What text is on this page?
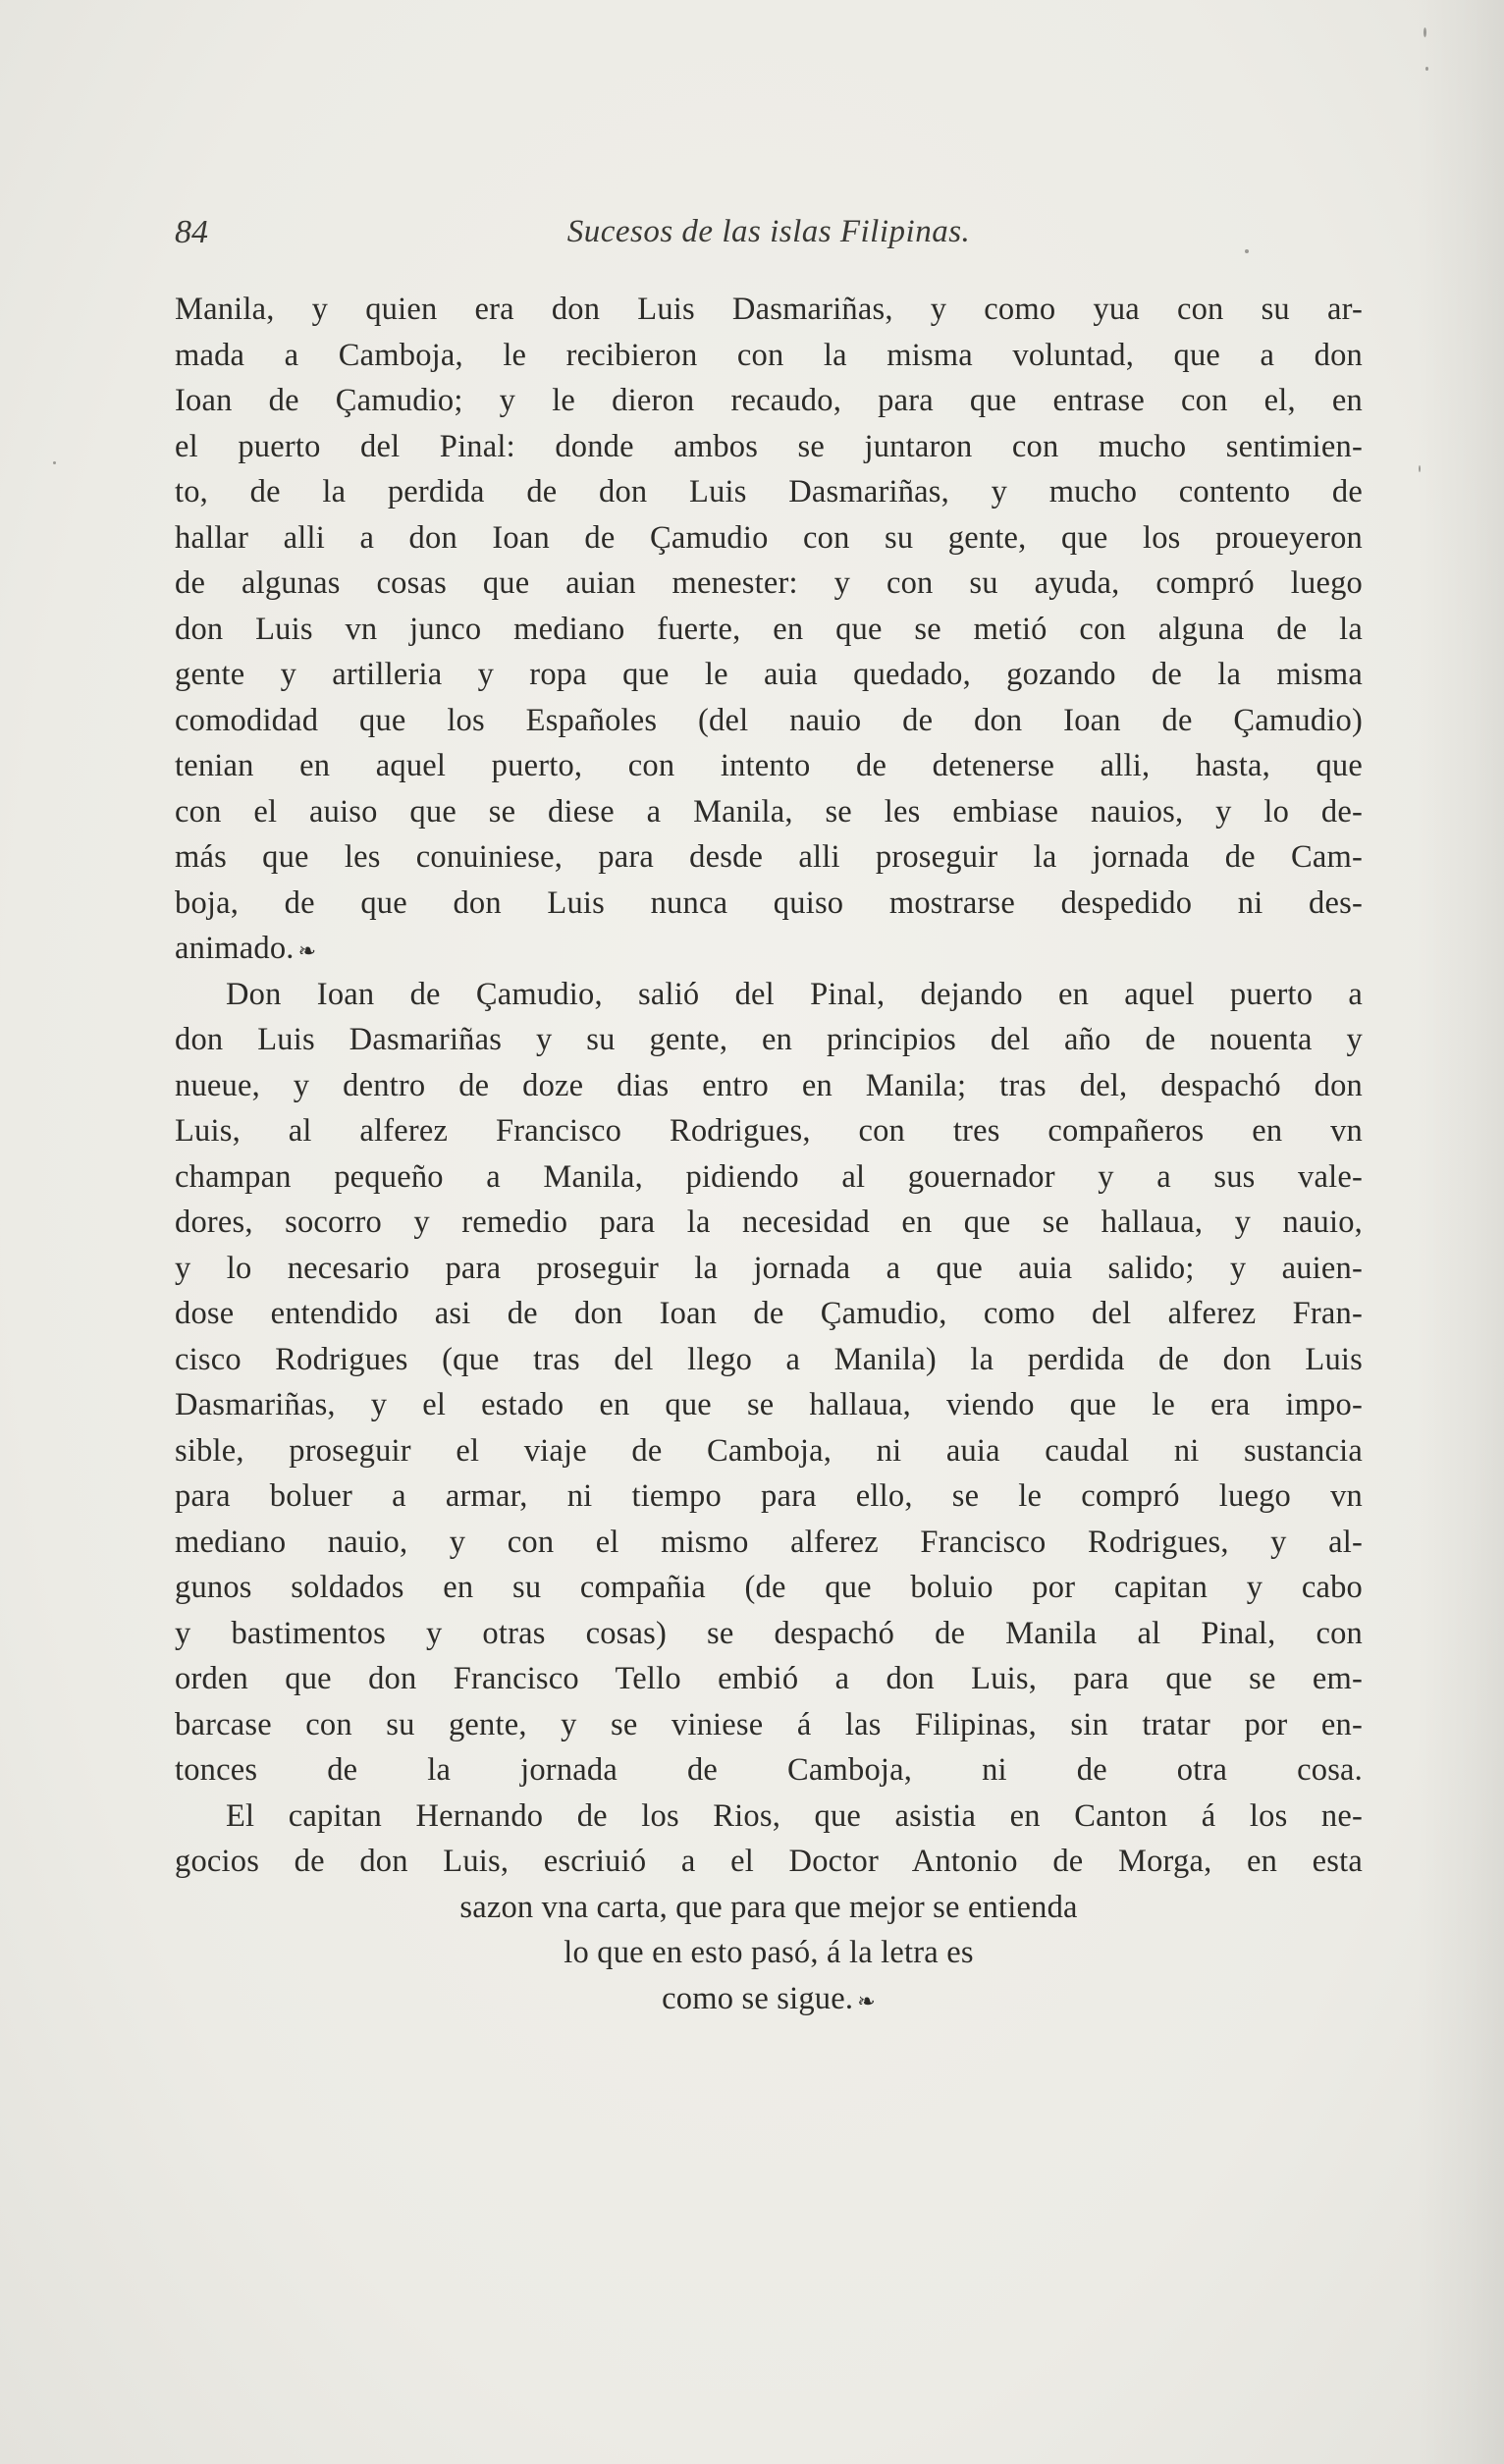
84	Sucesos de las islas Filipinas.
Manila, y quien era don Luis Dasmariñas, y como yua con su ar-
mada a Camboja, le recibieron con la misma voluntad, que a don
Ioan de Çamudio; y le dieron recaudo, para que entrase con el, en
el puerto del Pinal: donde ambos se juntaron con mucho sentimien-
to, de la perdida de don Luis Dasmariñas, y mucho contento de
hallar alli a don Ioan de Çamudio con su gente, que los proueyeron
de algunas cosas que auian menester: y con su ayuda, compró luego
don Luis vn junco mediano fuerte, en que se metió con alguna de la
gente y artilleria y ropa que le auia quedado, gozando de la misma
comodidad que los Españoles (del nauio de don Ioan de Çamudio)
tenian en aquel puerto, con intento de detenerse alli, hasta, que
con el auiso que se diese a Manila, se les embiase nauios, y lo de-
más que les conuiniese, para desde alli proseguir la jornada de Cam-
boja, de que don Luis nunca quiso mostrarse despedido ni des-
animado. ❧
Don Ioan de Çamudio, salió del Pinal, dejando en aquel puerto a
don Luis Dasmariñas y su gente, en principios del año de nouenta y
nueue, y dentro de doze dias entro en Manila; tras del, despachó don
Luis, al alferez Francisco Rodrigues, con tres compañeros en vn
champan pequeño a Manila, pidiendo al gouernador y a sus vale-
dores, socorro y remedio para la necesidad en que se hallaua, y nauio,
y lo necesario para proseguir la jornada a que auia salido; y auien-
dose entendido asi de don Ioan de Çamudio, como del alferez Fran-
cisco Rodrigues (que tras del llego a Manila) la perdida de don Luis
Dasmariñas, y el estado en que se hallaua, viendo que le era impo-
sible, proseguir el viaje de Camboja, ni auia caudal ni sustancia
para boluer a armar, ni tiempo para ello, se le compró luego vn
mediano nauio, y con el mismo alferez Francisco Rodrigues, y al-
gunos soldados en su compañia (de que boluio por capitan y cabo
y bastimentos y otras cosas) se despachó de Manila al Pinal, con
orden que don Francisco Tello embió a don Luis, para que se em-
barcase con su gente, y se viniese á las Filipinas, sin tratar por en-
tonces de la jornada de Camboja, ni de otra cosa.
El capitan Hernando de los Rios, que asistia en Canton á los ne-
gocios de don Luis, escriuió a el Doctor Antonio de Morga, en esta
sazon vna carta, que para que mejor se entienda
lo que en esto pasó, á la letra es
como se sigue. ❧
